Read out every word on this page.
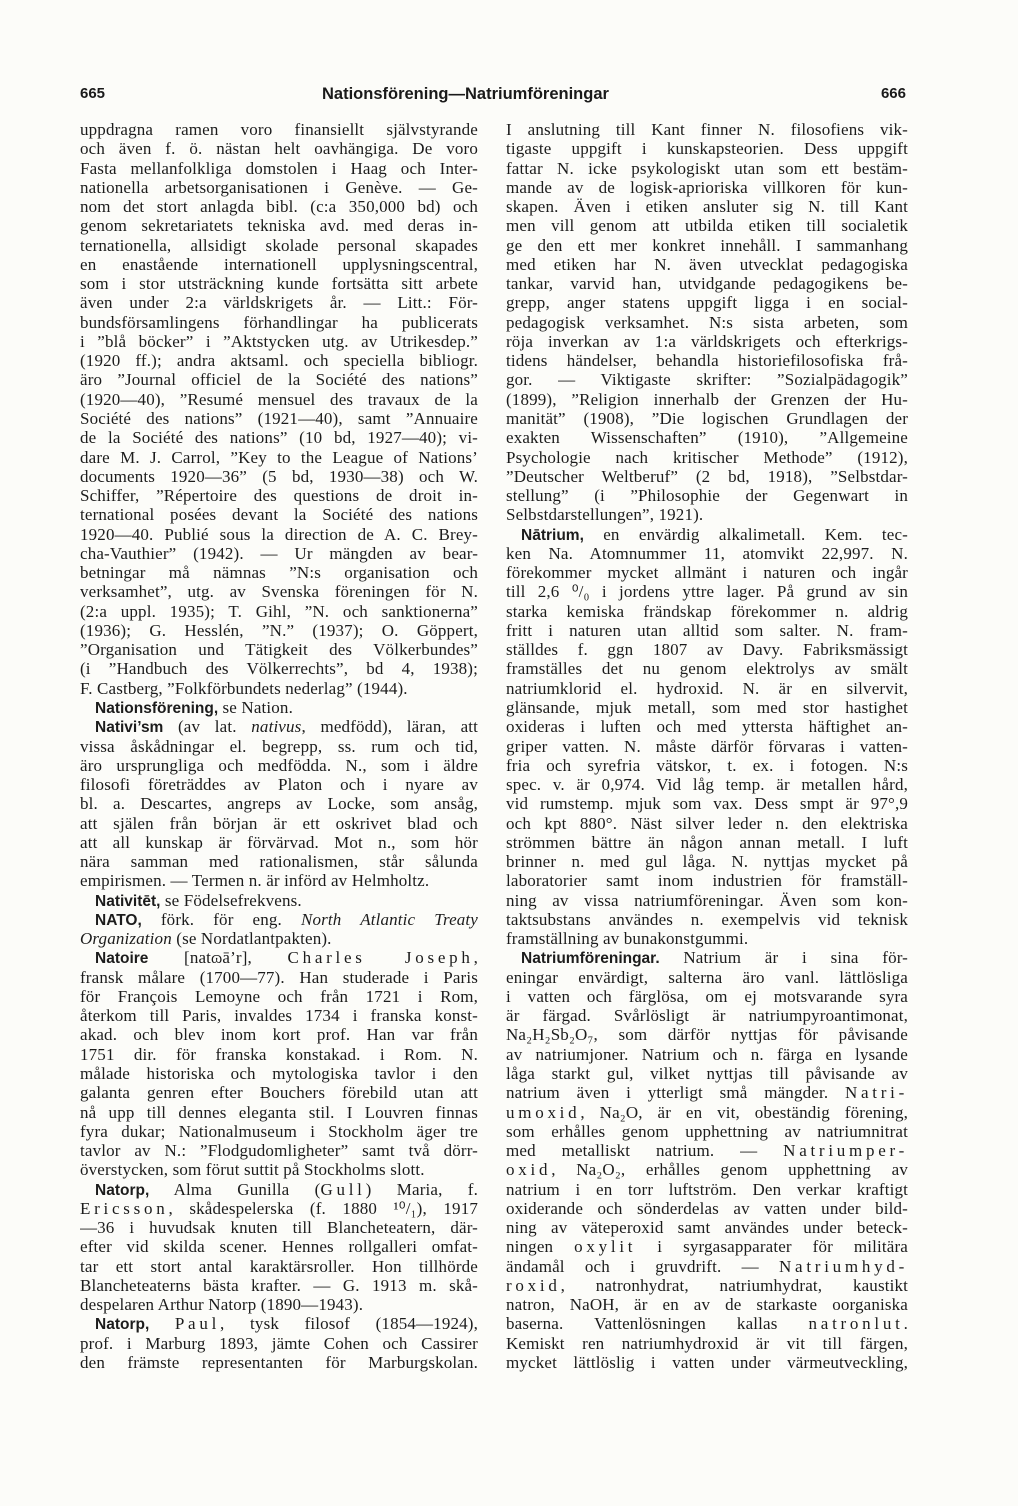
665	Nationsförening—Natriumföreningar	666
uppdragna ramen voro finansiellt självstyrande
och även f. ö. nästan helt oavhängiga. De voro
Fasta mellanfolkliga domstolen i Haag och Inter-
nationella arbetsorganisationen i Genève. — Ge-
nom det stort anlagda bibl. (c:a 350,000 bd) och
genom sekretariatets tekniska avd. med deras in-
ternationella, allsidigt skolade personal skapades
en enastående internationell upplysningscentral,
som i stor utsträckning kunde fortsätta sitt arbete
även under 2:a världskrigets år. — Litt.: För-
bundsförsamlingens förhandlingar ha publicerats
i ”blå böcker” i ”Aktstycken utg. av Utrikesdep.”
(1920 ff.); andra aktsaml. och speciella bibliogr.
äro ”Journal officiel de la Société des nations”
(1920—40), ”Resumé mensuel des travaux de la
Société des nations” (1921—40), samt ”Annuaire
de la Société des nations” (10 bd, 1927—40); vi-
dare M. J. Carrol, ”Key to the League of Nations’
documents 1920—36” (5 bd, 1930—38) och W.
Schiffer, ”Répertoire des questions de droit in-
ternational posées devant la Société des nations
1920—40. Publié sous la direction de A. C. Brey-
cha-Vauthier” (1942). — Ur mängden av bear-
betningar må nämnas ”N:s organisation och
verksamhet”, utg. av Svenska föreningen för N.
(2:a uppl. 1935); T. Gihl, ”N. och sanktionerna”
(1936); G. Hesslén, ”N.” (1937); O. Göppert,
”Organisation und Tätigkeit des Völkerbundes”
(i ”Handbuch des Völkerrechts”, bd 4, 1938);
F. Castberg, ”Folkförbundets nederlag” (1944).
Nationsförening, se Nation.
Nativi’sm (av lat. nativus, medfödd), läran, att
vissa åskådningar el. begrepp, ss. rum och tid,
äro ursprungliga och medfödda. N., som i äldre
filosofi företräddes av Platon och i nyare av
bl. a. Descartes, angreps av Locke, som ansåg,
att själen från början är ett oskrivet blad och
att all kunskap är förvärvad. Mot n., som hör
nära samman med rationalismen, står sålunda
empirismen. — Termen n. är införd av Helmholtz.
Nativitēt, se Födelsefrekvens.
NATO, förk. för eng. North Atlantic Treaty
Organization (se Nordatlantpakten).
Natoire [natɷā’r], Charles Joseph,
fransk målare (1700—77). Han studerade i Paris
för François Lemoyne och från 1721 i Rom,
återkom till Paris, invaldes 1734 i franska konst-
akad. och blev inom kort prof. Han var från
1751 dir. för franska konstakad. i Rom. N.
målade historiska och mytologiska tavlor i den
galanta genren efter Bouchers förebild utan att
nå upp till dennes eleganta stil. I Louvren finnas
fyra dukar; Nationalmuseum i Stockholm äger tre
tavlor av N.: ”Flodgudomligheter” samt två dörr-
överstycken, som förut suttit på Stockholms slott.
Natorp, Alma Gunilla (Gull) Maria, f.
Ericsson, skådespelerska (f. 1880 ¹⁰/₁), 1917
—36 i huvudsak knuten till Blancheteatern, där-
efter vid skilda scener. Hennes rollgalleri omfat-
tar ett stort antal karaktärsroller. Hon tillhörde
Blancheteaterns bästa krafter. — G. 1913 m. skå-
despelaren Arthur Natorp (1890—1943).
Natorp, Paul, tysk filosof (1854—1924),
prof. i Marburg 1893, jämte Cohen och Cassirer
den främste representanten för Marburgskolan.
I anslutning till Kant finner N. filosofiens vik-
tigaste uppgift i kunskapsteorien. Dess uppgift
fattar N. icke psykologiskt utan som ett bestäm-
mande av de logisk-aprioriska villkoren för kun-
skapen. Även i etiken ansluter sig N. till Kant
men vill genom att utbilda etiken till socialetik
ge den ett mer konkret innehåll. I sammanhang
med etiken har N. även utvecklat pedagogiska
tankar, varvid han, utvidgande pedagogikens be-
grepp, anger statens uppgift ligga i en social-
pedagogisk verksamhet. N:s sista arbeten, som
röja inverkan av 1:a världskrigets och efterkrigs-
tidens händelser, behandla historiefilosofiska frå-
gor. — Viktigaste skrifter: ”Sozialpädagogik”
(1899), ”Religion innerhalb der Grenzen der Hu-
manität” (1908), ”Die logischen Grundlagen der
exakten Wissenschaften” (1910), ”Allgemeine
Psychologie nach kritischer Methode” (1912),
”Deutscher Weltberuf” (2 bd, 1918), ”Selbstdar-
stellung” (i ”Philosophie der Gegenwart in
Selbstdarstellungen”, 1921).
Nātrium, en envärdig alkalimetall. Kem. tec-
ken Na. Atomnummer 11, atomvikt 22,997. N.
förekommer mycket allmänt i naturen och ingår
till 2,6 ⁰/₀ i jordens yttre lager. På grund av sin
starka kemiska frändskap förekommer n. aldrig
fritt i naturen utan alltid som salter. N. fram-
ställdes f. ggn 1807 av Davy. Fabriksmässigt
framställes det nu genom elektrolys av smält
natriumklorid el. hydroxid. N. är en silvervit,
glänsande, mjuk metall, som med stor hastighet
oxideras i luften och med yttersta häftighet an-
griper vatten. N. måste därför förvaras i vatten-
fria och syrefria vätskor, t. ex. i fotogen. N:s
spec. v. är 0,974. Vid låg temp. är metallen hård,
vid rumstemp. mjuk som vax. Dess smpt är 97°,9
och kpt 880°. Näst silver leder n. den elektriska
strömmen bättre än någon annan metall. I luft
brinner n. med gul låga. N. nyttjas mycket på
laboratorier samt inom industrien för framställ-
ning av vissa natriumföreningar. Även som kon-
taktsubstans användes n. exempelvis vid teknisk
framställning av bunakonstgummi.
Natriumföreningar. Natrium är i sina för-
eningar envärdigt, salterna äro vanl. lättlösliga
i vatten och färglösa, om ej motsvarande syra
är färgad. Svårlösligt är natriumpyroantimonat,
Na₂H₂Sb₂O₇, som därför nyttjas för påvisande
av natriumjoner. Natrium och n. färga en lysande
låga starkt gul, vilket nyttjas till påvisande av
natrium även i ytterligt små mängder. Natri-
umoxid, Na₂O, är en vit, obeständig förening,
som erhålles genom upphettning av natriumnitrat
med metalliskt natrium. — Natriumper-
oxid, Na₂O₂, erhålles genom upphettning av
natrium i en torr luftström. Den verkar kraftigt
oxiderande och sönderdelas av vatten under bild-
ning av väteperoxid samt användes under beteck-
ningen oxylit i syrgasapparater för militära
ändamål och i gruvdrift. — Natriumhyd-
roxid, natronhydrat, natriumhydrat, kaustikt
natron, NaOH, är en av de starkaste oorganiska
baserna. Vattenlösningen kallas natronlut.
Kemiskt ren natriumhydroxid är vit till färgen,
mycket lättlöslig i vatten under värmeutveckling,
